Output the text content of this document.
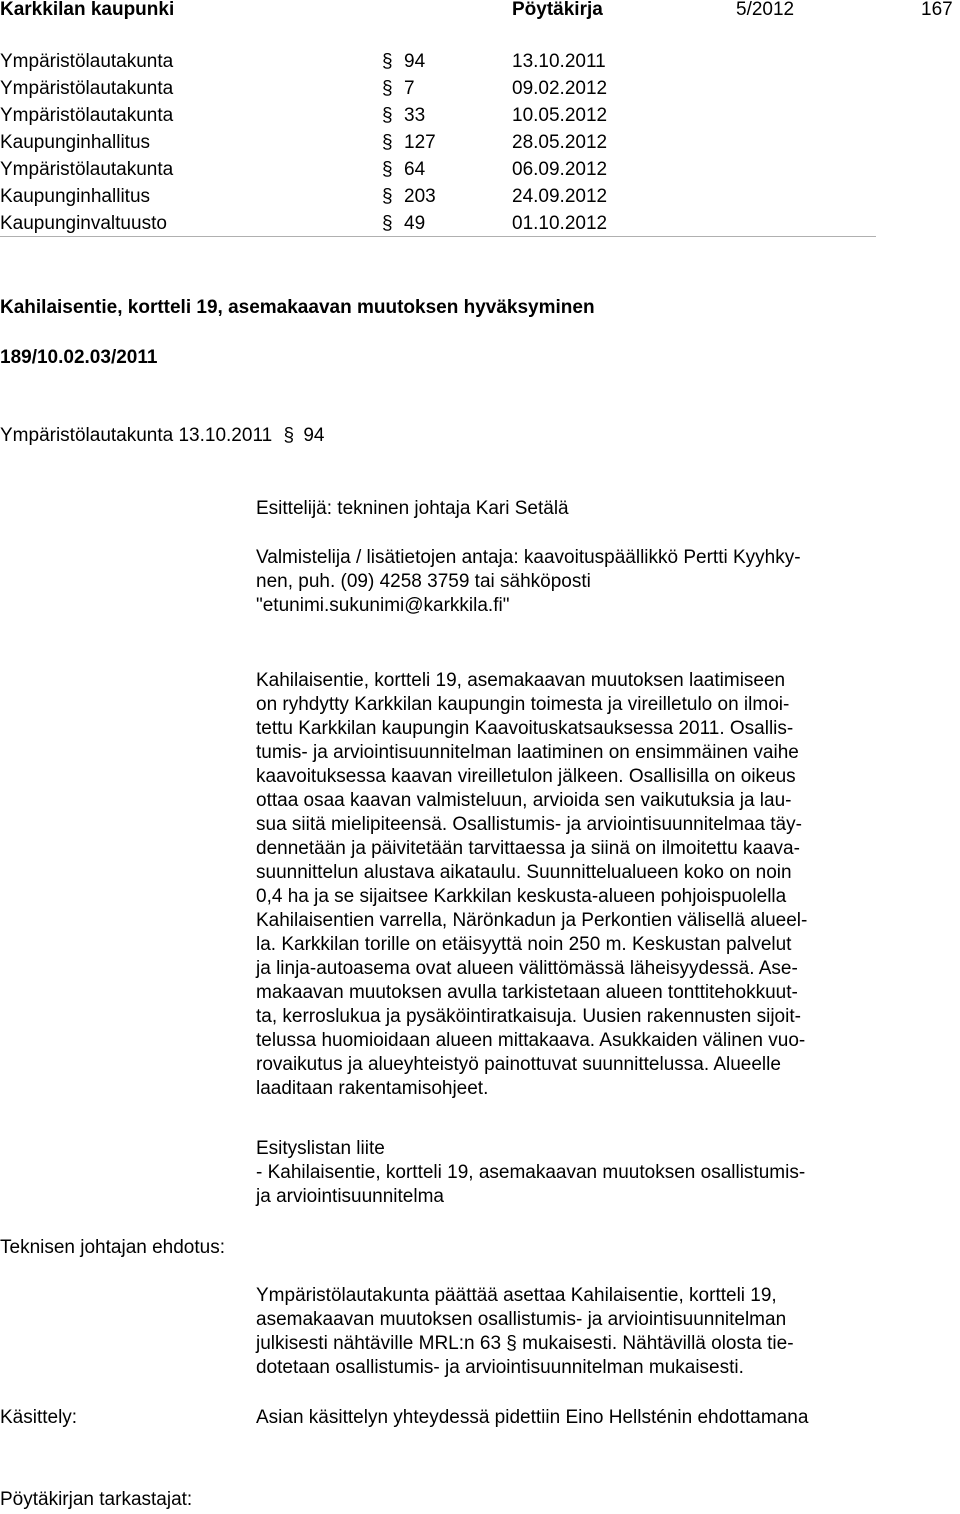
Karkkilan kaupunki	Pöytäkirja	5/2012	167
Ympäristölautakunta	§ 94	13.10.2011
Ympäristölautakunta	§ 7	09.02.2012
Ympäristölautakunta	§ 33	10.05.2012
Kaupunginhallitus	§ 127	28.05.2012
Ympäristölautakunta	§ 64	06.09.2012
Kaupunginhallitus	§ 203	24.09.2012
Kaupunginvaltuusto	§ 49	01.10.2012
Kahilaisentie, kortteli 19, asemakaavan muutoksen hyväksyminen
189/10.02.03/2011
Ympäristölautakunta 13.10.2011 § 94
Esittelijä: tekninen johtaja Kari Setälä

Valmistelija / lisätietojen antaja: kaavoituspäällikkö Pertti Kyyhky-

nen, puh. (09) 4258 3759 tai sähköposti

"etunimi.sukunimi@karkkila.fi"

Kahilaisentie, kortteli 19, asemakaavan muutoksen laatimiseen

on ryhdytty Karkkilan kaupungin toimesta ja vireilletulo on ilmoi-

tettu Karkkilan kaupungin Kaavoituskatsauksessa 2011. Osallis-

tumis- ja arviointisuunnitelman laatiminen on ensimmäinen vaihe

kaavoituksessa kaavan vireilletulon jälkeen. Osallisilla on oikeus

ottaa osaa kaavan valmisteluun, arvioida sen vaikutuksia ja lau-

sua siitä mielipiteensä. Osallistumis- ja arviointisuunnitelmaa täy-

dennetään ja päivitetään tarvittaessa ja siinä on ilmoitettu kaava-

suunnittelun alustava aikataulu. Suunnittelualueen koko on noin

0,4 ha ja se sijaitsee Karkkilan keskusta-alueen pohjoispuolella

Kahilaisentien varrella, Närönkadun ja Perkontien välisellä alueel-

la. Karkkilan torille on etäisyyttä noin 250 m. Keskustan palvelut

ja linja-autoasema ovat alueen välittömässä läheisyydessä. Ase-

makaavan muutoksen avulla tarkistetaan alueen tonttitehokkuut-

ta, kerroslukua ja pysäköintiratkaisuja. Uusien rakennusten sijoit-

telussa huomioidaan alueen mittakaava. Asukkaiden välinen vuo-

rovaikutus ja alueyhteistyö painottuvat suunnittelussa. Alueelle

laaditaan rakentamisohjeet.

Esityslistan liite

- Kahilaisentie, kortteli 19, asemakaavan muutoksen osallistumis-

ja arviointisuunnitelma

Teknisen johtajan ehdotus:

Ympäristölautakunta päättää asettaa Kahilaisentie, kortteli 19,

asemakaavan muutoksen osallistumis- ja arviointisuunnitelman

julkisesti nähtäville MRL:n 63 § mukaisesti. Nähtävillä olosta tie-

dotetaan osallistumis- ja arviointisuunnitelman mukaisesti.

Käsittely:	Asian käsittelyn yhteydessä pidettiin Eino Hellsténin ehdottamana
Pöytäkirjan tarkastajat:
